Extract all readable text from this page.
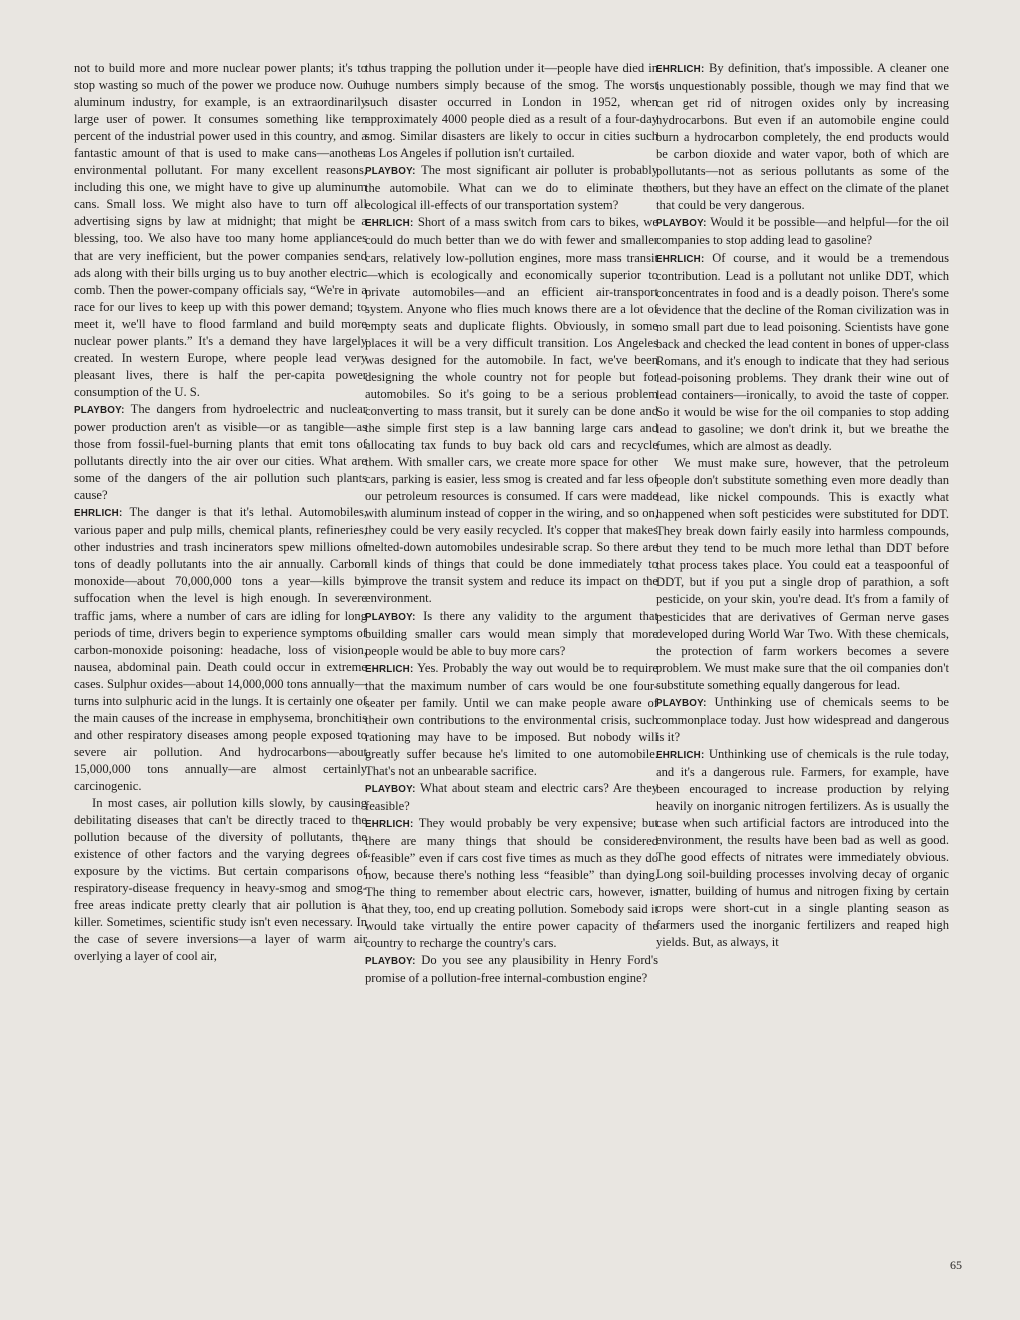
not to build more and more nuclear power plants; it's to stop wasting so much of the power we produce now. Our aluminum industry, for example, is an extraordinarily large user of power. It consumes something like ten percent of the industrial power used in this country, and a fantastic amount of that is used to make cans—another environmental pollutant. For many excellent reasons, including this one, we might have to give up aluminum cans. Small loss. We might also have to turn off all advertising signs by law at midnight; that might be a blessing, too. We also have too many home appliances that are very inefficient, but the power companies send ads along with their bills urging us to buy another electric comb. Then the power-company officials say, “We're in a race for our lives to keep up with this power demand; to meet it, we'll have to flood farmland and build more nuclear power plants.” It's a demand they have largely created. In western Europe, where people lead very pleasant lives, there is half the per-capita power consumption of the U. S.

PLAYBOY: The dangers from hydroelectric and nuclear power production aren't as visible—or as tangible—as those from fossil-fuel-burning plants that emit tons of pollutants directly into the air over our cities. What are some of the dangers of the air pollution such plants cause?

EHRLICH: The danger is that it's lethal. Automobiles, various paper and pulp mills, chemical plants, refineries, other industries and trash incinerators spew millions of tons of deadly pollutants into the air annually. Carbon monoxide—about 70,000,000 tons a year—kills by suffocation when the level is high enough. In severe traffic jams, where a number of cars are idling for long periods of time, drivers begin to experience symptoms of carbon-monoxide poisoning: headache, loss of vision, nausea, abdominal pain. Death could occur in extreme cases. Sulphur oxides—about 14,000,000 tons annually—turns into sulphuric acid in the lungs. It is certainly one of the main causes of the increase in emphysema, bronchitis and other respiratory diseases among people exposed to severe air pollution. And hydrocarbons—about 15,000,000 tons annually—are almost certainly carcinogenic.

In most cases, air pollution kills slowly, by causing debilitating diseases that can't be directly traced to the pollution because of the diversity of pollutants, the existence of other factors and the varying degrees of exposure by the victims. But certain comparisons of respiratory-disease frequency in heavy-smog and smog-free areas indicate pretty clearly that air pollution is a killer. Sometimes, scientific study isn't even necessary. In the case of severe inversions—a layer of warm air overlying a layer of cool air,

thus trapping the pollution under it—people have died in huge numbers simply because of the smog. The worst such disaster occurred in London in 1952, when approximately 4000 people died as a result of a four-day smog. Similar disasters are likely to occur in cities such as Los Angeles if pollution isn't curtailed.

PLAYBOY: The most significant air polluter is probably the automobile. What can we do to eliminate the ecological ill-effects of our transportation system?

EHRLICH: Short of a mass switch from cars to bikes, we could do much better than we do with fewer and smaller cars, relatively low-pollution engines, more mass transit—which is ecologically and economically superior to private automobiles—and an efficient air-transport system. Anyone who flies much knows there are a lot of empty seats and duplicate flights. Obviously, in some places it will be a very difficult transition. Los Angeles was designed for the automobile. In fact, we've been designing the whole country not for people but for automobiles. So it's going to be a serious problem converting to mass transit, but it surely can be done and the simple first step is a law banning large cars and allocating tax funds to buy back old cars and recycle them. With smaller cars, we create more space for other cars, parking is easier, less smog is created and far less of our petroleum resources is consumed. If cars were made with aluminum instead of copper in the wiring, and so on, they could be very easily recycled. It's copper that makes melted-down automobiles undesirable scrap. So there are all kinds of things that could be done immediately to improve the transit system and reduce its impact on the environment.

PLAYBOY: Is there any validity to the argument that building smaller cars would mean simply that more people would be able to buy more cars?

EHRLICH: Yes. Probably the way out would be to require that the maximum number of cars would be one four-seater per family. Until we can make people aware of their own contributions to the environmental crisis, such rationing may have to be imposed. But nobody will greatly suffer because he's limited to one automobile. That's not an unbearable sacrifice.

PLAYBOY: What about steam and electric cars? Are they feasible?

EHRLICH: They would probably be very expensive; but there are many things that should be considered “feasible” even if cars cost five times as much as they do now, because there's nothing less “feasible” than dying. The thing to remember about electric cars, however, is that they, too, end up creating pollution. Somebody said it would take virtually the entire power capacity of the country to recharge the country's cars.

PLAYBOY: Do you see any plausibility in Henry Ford's promise of a pollution-free internal-combustion engine?

EHRLICH: By definition, that's impossible. A cleaner one is unquestionably possible, though we may find that we can get rid of nitrogen oxides only by increasing hydrocarbons. But even if an automobile engine could burn a hydrocarbon completely, the end products would be carbon dioxide and water vapor, both of which are pollutants—not as serious pollutants as some of the others, but they have an effect on the climate of the planet that could be very dangerous.

PLAYBOY: Would it be possible—and helpful—for the oil companies to stop adding lead to gasoline?

EHRLICH: Of course, and it would be a tremendous contribution. Lead is a pollutant not unlike DDT, which concentrates in food and is a deadly poison. There's some evidence that the decline of the Roman civilization was in no small part due to lead poisoning. Scientists have gone back and checked the lead content in bones of upper-class Romans, and it's enough to indicate that they had serious lead-poisoning problems. They drank their wine out of lead containers—ironically, to avoid the taste of copper. So it would be wise for the oil companies to stop adding lead to gasoline; we don't drink it, but we breathe the fumes, which are almost as deadly.

We must make sure, however, that the petroleum people don't substitute something even more deadly than lead, like nickel compounds. This is exactly what happened when soft pesticides were substituted for DDT. They break down fairly easily into harmless compounds, but they tend to be much more lethal than DDT before that process takes place. You could eat a teaspoonful of DDT, but if you put a single drop of parathion, a soft pesticide, on your skin, you're dead. It's from a family of pesticides that are derivatives of German nerve gases developed during World War Two. With these chemicals, the protection of farm workers becomes a severe problem. We must make sure that the oil companies don't substitute something equally dangerous for lead.

PLAYBOY: Unthinking use of chemicals seems to be commonplace today. Just how widespread and dangerous is it?

EHRLICH: Unthinking use of chemicals is the rule today, and it's a dangerous rule. Farmers, for example, have been encouraged to increase production by relying heavily on inorganic nitrogen fertilizers. As is usually the case when such artificial factors are introduced into the environment, the results have been bad as well as good. The good effects of nitrates were immediately obvious. Long soil-building processes involving decay of organic matter, building of humus and nitrogen fixing by certain crops were short-cut in a single planting season as farmers used the inorganic fertilizers and reaped high yields. But, as always, it

65
